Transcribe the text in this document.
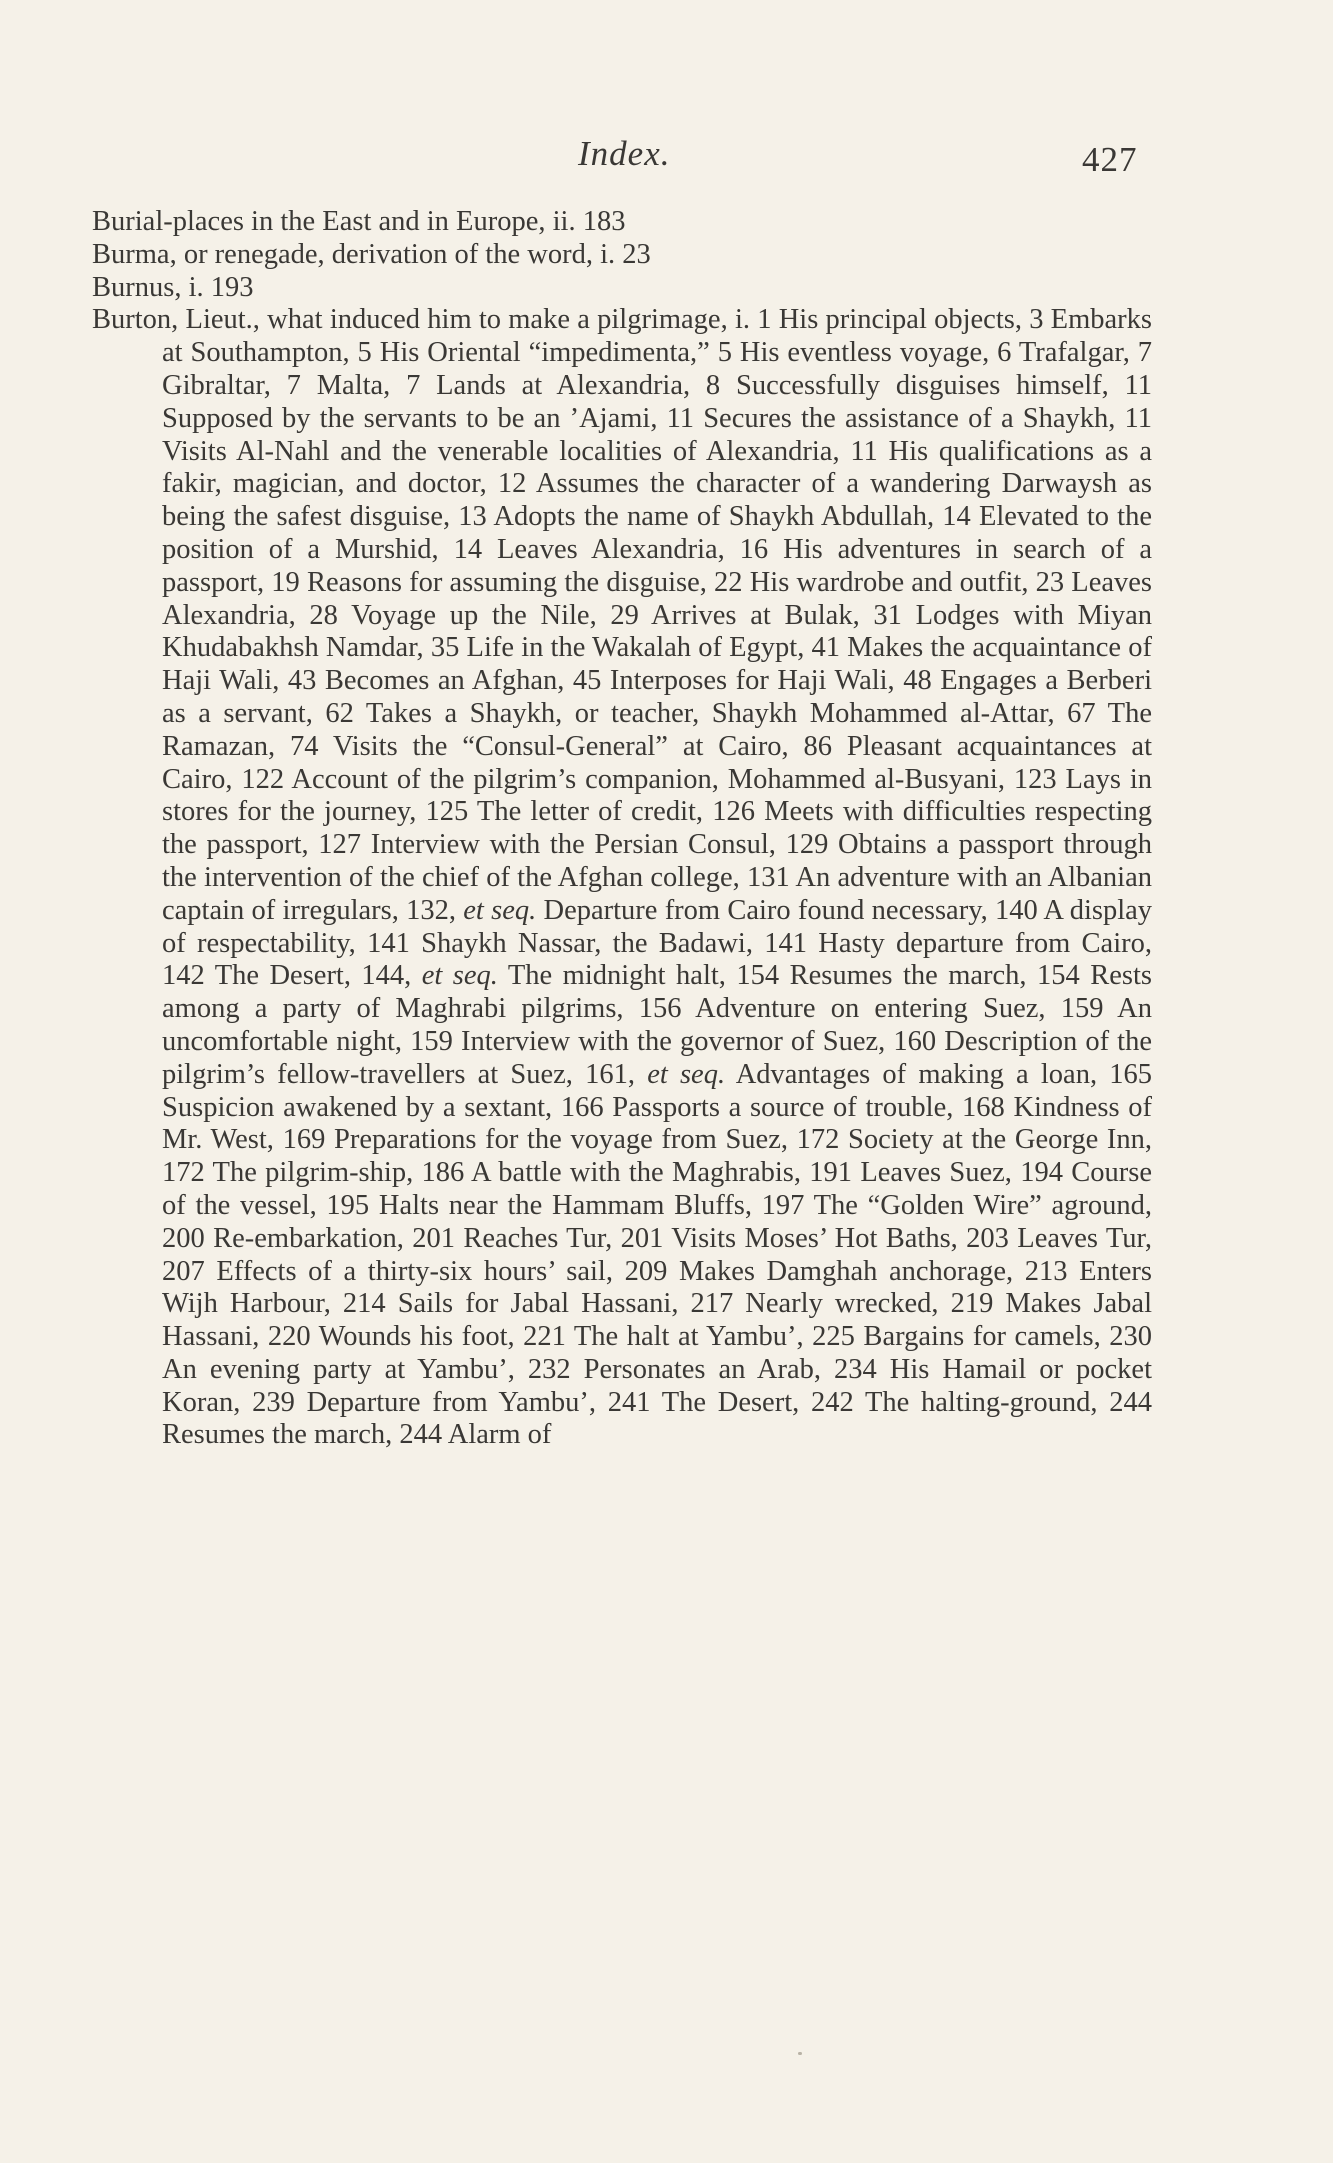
Index.	427

Burial-places in the East and in Europe, ii. 183

Burma, or renegade, derivation of the word, i. 23

Burnus, i. 193

Burton, Lieut., what induced him to make a pilgrimage, i. 1 His principal objects, 3 Embarks at Southampton, 5 His Oriental “impedimenta,” 5 His eventless voyage, 6 Trafalgar, 7 Gibraltar, 7 Malta, 7 Lands at Alexandria, 8 Successfully disguises himself, 11 Supposed by the servants to be an ’Ajami, 11 Secures the assistance of a Shaykh, 11 Visits Al-Nahl and the venerable localities of Alexandria, 11 His qualifications as a fakir, magician, and doctor, 12 Assumes the character of a wandering Darwaysh as being the safest disguise, 13 Adopts the name of Shaykh Abdullah, 14 Elevated to the position of a Murshid, 14 Leaves Alexandria, 16 His adventures in search of a passport, 19 Reasons for assuming the disguise, 22 His wardrobe and outfit, 23 Leaves Alexandria, 28 Voyage up the Nile, 29 Arrives at Bulak, 31 Lodges with Miyan Khudabakhsh Namdar, 35 Life in the Wakalah of Egypt, 41 Makes the acquaintance of Haji Wali, 43 Becomes an Afghan, 45 Interposes for Haji Wali, 48 Engages a Berberi as a servant, 62 Takes a Shaykh, or teacher, Shaykh Mohammed al-Attar, 67 The Ramazan, 74 Visits the “Consul-General” at Cairo, 86 Pleasant acquaintances at Cairo, 122 Account of the pilgrim’s companion, Mohammed al-Busyani, 123 Lays in stores for the journey, 125 The letter of credit, 126 Meets with difficulties respecting the passport, 127 Interview with the Persian Consul, 129 Obtains a passport through the intervention of the chief of the Afghan college, 131 An adventure with an Albanian captain of irregulars, 132, et seq. Departure from Cairo found necessary, 140 A display of respectability, 141 Shaykh Nassar, the Badawi, 141 Hasty departure from Cairo, 142 The Desert, 144, et seq. The midnight halt, 154 Resumes the march, 154 Rests among a party of Maghrabi pilgrims, 156 Adventure on entering Suez, 159 An uncomfortable night, 159 Interview with the governor of Suez, 160 Description of the pilgrim’s fellow-travellers at Suez, 161, et seq. Advantages of making a loan, 165 Suspicion awakened by a sextant, 166 Passports a source of trouble, 168 Kindness of Mr. West, 169 Preparations for the voyage from Suez, 172 Society at the George Inn, 172 The pilgrim-ship, 186 A battle with the Maghrabis, 191 Leaves Suez, 194 Course of the vessel, 195 Halts near the Hammam Bluffs, 197 The “Golden Wire” aground, 200 Re-embarkation, 201 Reaches Tur, 201 Visits Moses’ Hot Baths, 203 Leaves Tur, 207 Effects of a thirty-six hours’ sail, 209 Makes Damghah anchorage, 213 Enters Wijh Harbour, 214 Sails for Jabal Hassani, 217 Nearly wrecked, 219 Makes Jabal Hassani, 220 Wounds his foot, 221 The halt at Yambu’, 225 Bargains for camels, 230 An evening party at Yambu’, 232 Personates an Arab, 234 His Hamail or pocket Koran, 239 Departure from Yambu’, 241 The Desert, 242 The halting-ground, 244 Resumes the march, 244 Alarm of
